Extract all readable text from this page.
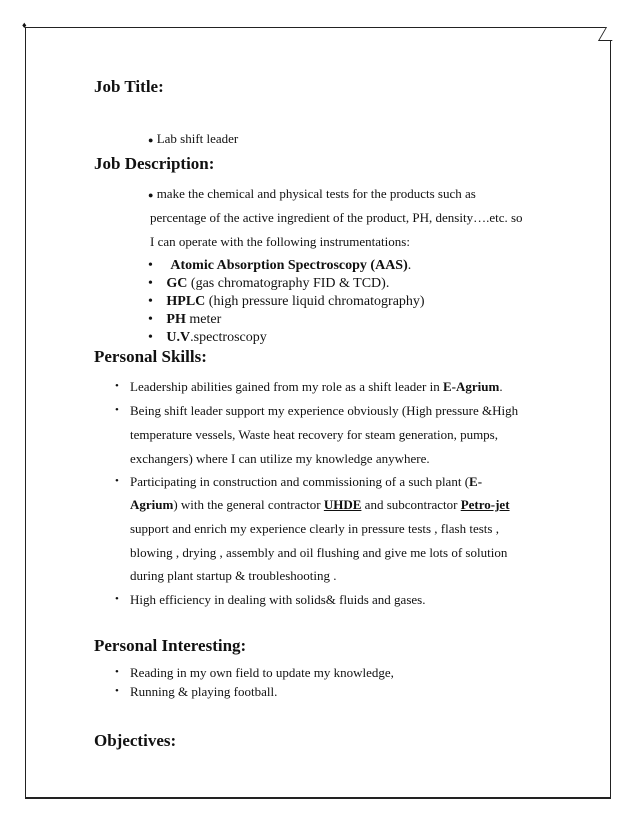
♦
Job Title:
● Lab shift leader
Job Description:
● make the chemical and physical tests for the products such as
percentage of the active ingredient of the product, PH, density….etc. so
I can operate with the following instrumentations:
• Atomic Absorption Spectroscopy (AAS).
• GC (gas chromatography FID & TCD).
• HPLC (high pressure liquid chromatography)
• PH meter
• U.V.spectroscopy
Personal Skills:
• Leadership abilities gained from my role as a shift leader in E-Agrium.
• Being shift leader support my experience obviously (High pressure &High
temperature vessels, Waste heat recovery for steam generation, pumps,
exchangers) where I can utilize my knowledge anywhere.
• Participating in construction and commissioning of a such plant (E-
Agrium) with the general contractor UHDE and subcontractor Petro-jet
support and enrich my experience clearly in pressure tests , flash tests ,
blowing , drying , assembly and oil flushing and give me lots of solution
during plant startup & troubleshooting .
• High efficiency in dealing with solids& fluids and gases.
Personal Interesting:
• Reading in my own field to update my knowledge,
• Running & playing football.
Objectives:
